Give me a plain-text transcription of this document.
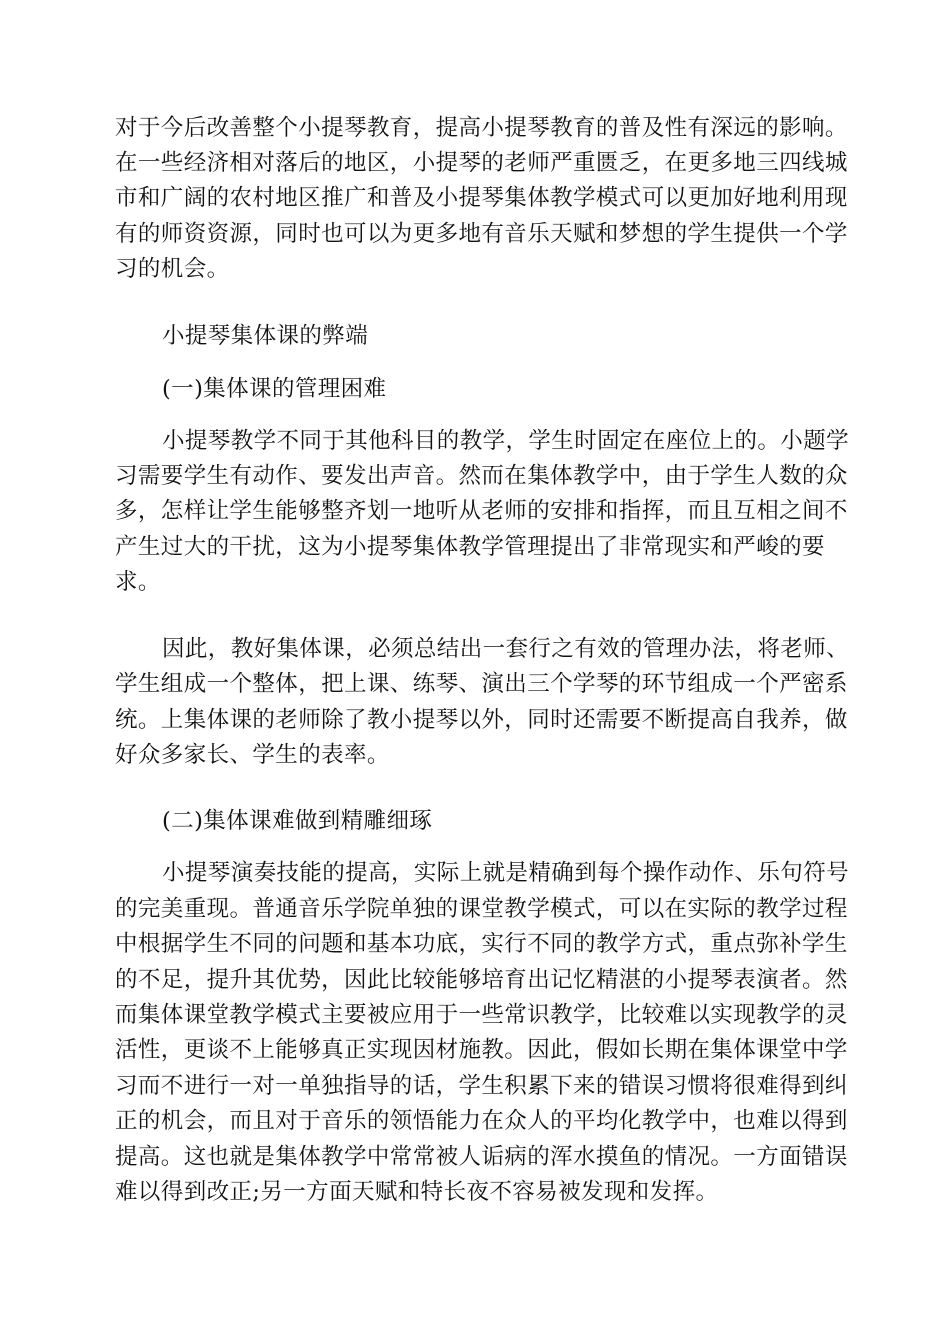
对于今后改善整个小提琴教育，提高小提琴教育的普及性有深远的影响。
在一些经济相对落后的地区，小提琴的老师严重匮乏，在更多地三四线城
市和广阔的农村地区推广和普及小提琴集体教学模式可以更加好地利用现
有的师资资源，同时也可以为更多地有音乐天赋和梦想的学生提供一个学
习的机会。
小提琴集体课的弊端
(一)集体课的管理困难
小提琴教学不同于其他科目的教学，学生时固定在座位上的。小题学
习需要学生有动作、要发出声音。然而在集体教学中，由于学生人数的众
多，怎样让学生能够整齐划一地听从老师的安排和指挥，而且互相之间不
产生过大的干扰，这为小提琴集体教学管理提出了非常现实和严峻的要
求。
因此，教好集体课，必须总结出一套行之有效的管理办法，将老师、
学生组成一个整体，把上课、练琴、演出三个学琴的环节组成一个严密系
统。上集体课的老师除了教小提琴以外，同时还需要不断提高自我养，做
好众多家长、学生的表率。
(二)集体课难做到精雕细琢
小提琴演奏技能的提高，实际上就是精确到每个操作动作、乐句符号
的完美重现。普通音乐学院单独的课堂教学模式，可以在实际的教学过程
中根据学生不同的问题和基本功底，实行不同的教学方式，重点弥补学生
的不足，提升其优势，因此比较能够培育出记忆精湛的小提琴表演者。然
而集体课堂教学模式主要被应用于一些常识教学，比较难以实现教学的灵
活性，更谈不上能够真正实现因材施教。因此，假如长期在集体课堂中学
习而不进行一对一单独指导的话，学生积累下来的错误习惯将很难得到纠
正的机会，而且对于音乐的领悟能力在众人的平均化教学中，也难以得到
提高。这也就是集体教学中常常被人诟病的浑水摸鱼的情况。一方面错误
难以得到改正;另一方面天赋和特长夜不容易被发现和发挥。
